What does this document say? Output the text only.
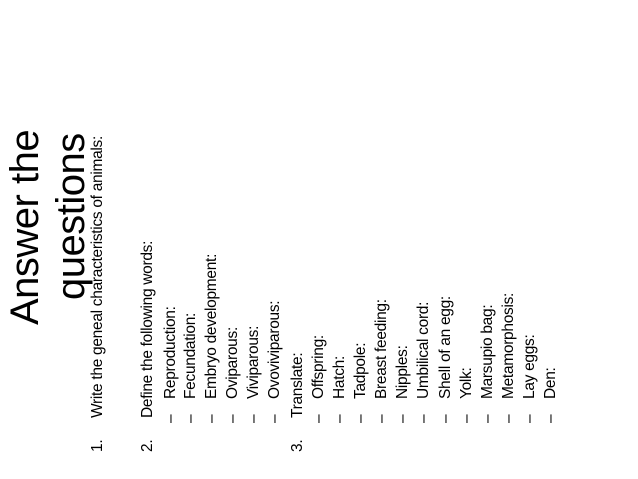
Answer the questions
1.Write the geneal characteristics of animals:
2.Define the following words:
–Reproduction:
–Fecundation:
–Embryo development:
–Oviparous:
–Viviparous:
–Ovoviviparous:
3.Translate:
–Offspring:
–Hatch:
–Tadpole:
–Breast feeding:
–Nipples:
–Umbilical cord:
–Shell of an egg:
–Yolk:
–Marsupio bag:
–Metamorphosis:
–Lay eggs:
–Den:
